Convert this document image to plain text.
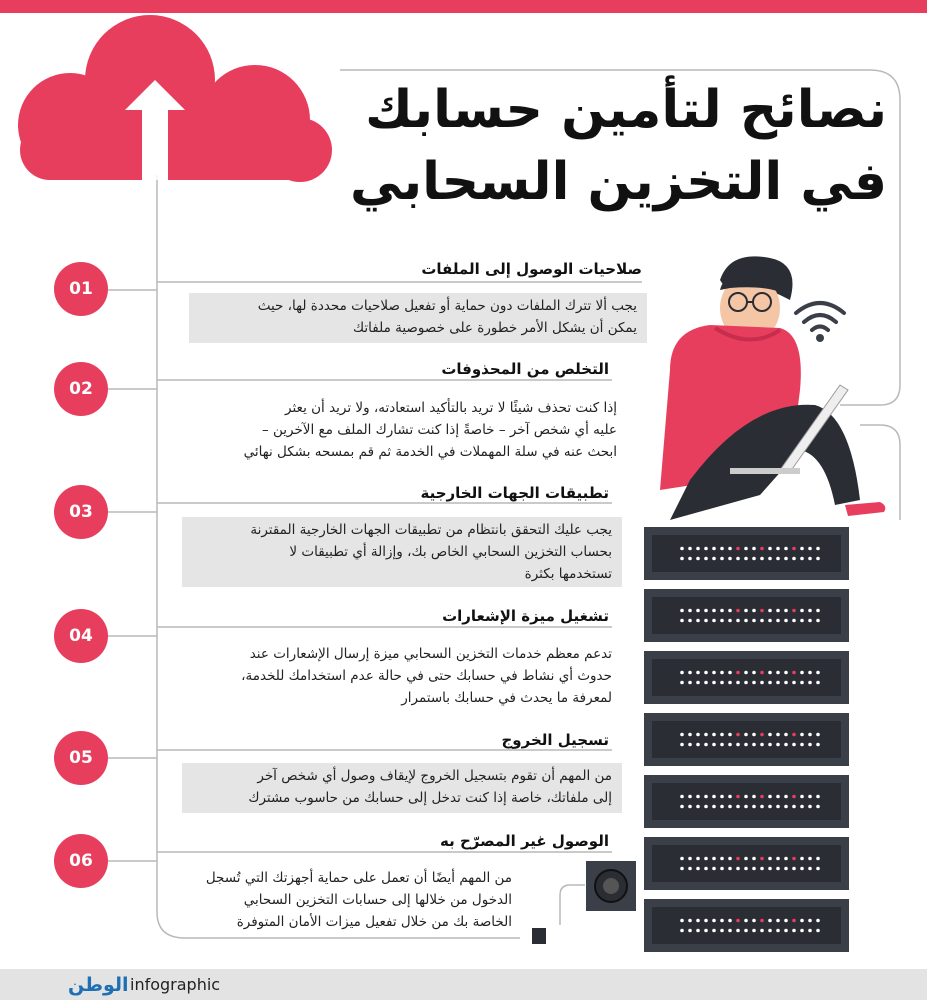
نصائح لتأمين حسابك
في التخزين السحابي
01
02
03
04
05
06
صلاحيات الوصول إلى الملفات
يجب ألا تترك الملفات دون حماية أو تفعيل صلاحيات محددة لها، حيث
يمكن أن يشكل الأمر خطورة على خصوصية ملفاتك
التخلص من المحذوفات
إذا كنت تحذف شيئًا لا تريد بالتأكيد استعادته، ولا تريد أن يعثر
عليه أي شخص آخر – خاصةً إذا كنت تشارك الملف مع الآخرين –
ابحث عنه في سلة المهملات في الخدمة ثم قم بمسحه بشكل نهائي
تطبيقات الجهات الخارجية
يجب عليك التحقق بانتظام من تطبيقات الجهات الخارجية المقترنة
بحساب التخزين السحابي الخاص بك، وإزالة أي تطبيقات لا
تستخدمها بكثرة
تشغيل ميزة الإشعارات
تدعم معظم خدمات التخزين السحابي ميزة إرسال الإشعارات عند
حدوث أي نشاط في حسابك حتى في حالة عدم استخدامك للخدمة،
لمعرفة ما يحدث في حسابك باستمرار
تسجيل الخروج
من المهم أن تقوم بتسجيل الخروج لإيقاف وصول أي شخص آخر
إلى ملفاتك، خاصة إذا كنت تدخل إلى حسابك من حاسوب مشترك
الوصول غير المصرّح به
من المهم أيضًا أن تعمل على حماية أجهزتك التي تُسجل
الدخول من خلالها إلى حسابات التخزين السحابي
الخاصة بك من خلال تفعيل ميزات الأمان المتوفرة
الوطن infographic
